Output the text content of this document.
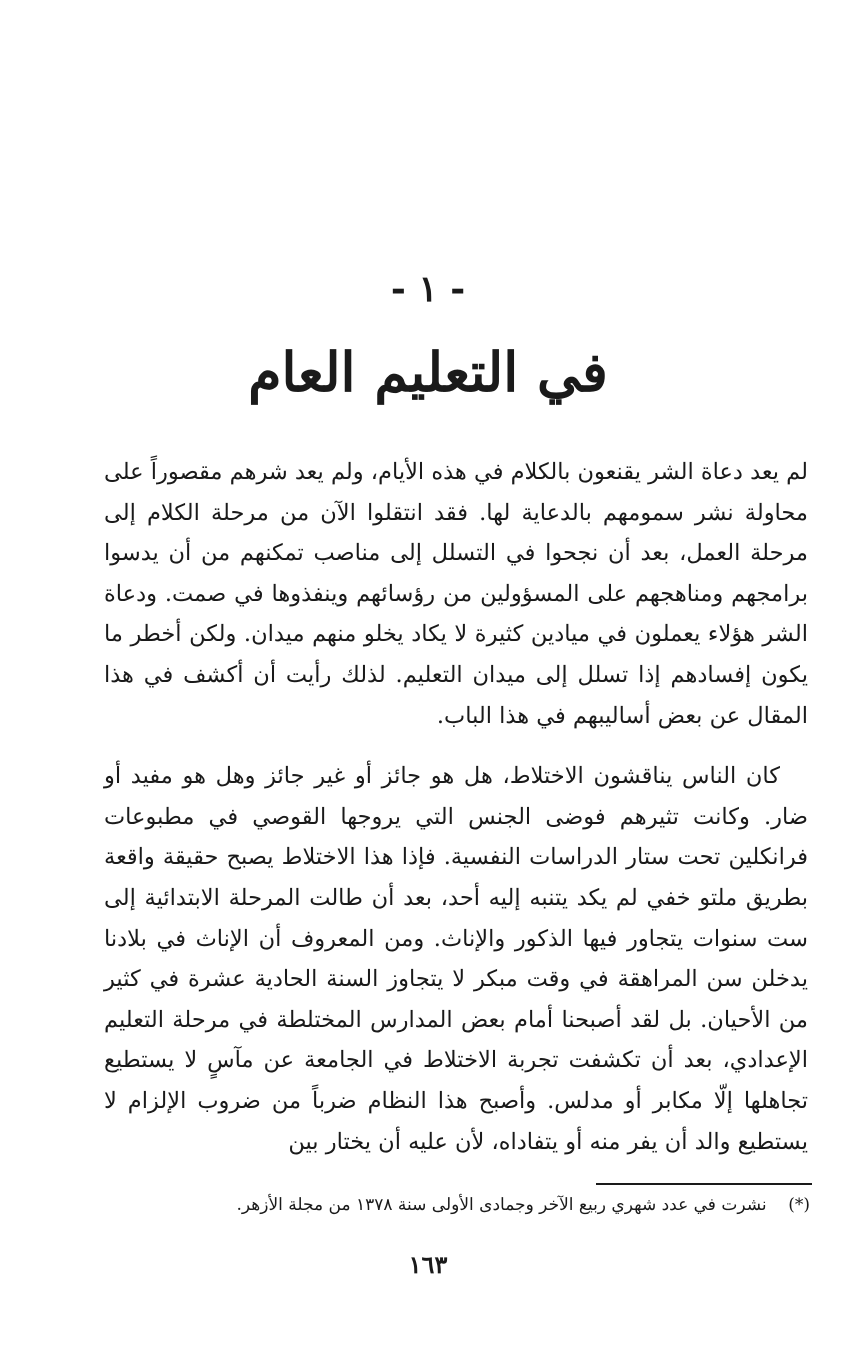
- ١ -
في التعليم العام

لم يعد دعاة الشر يقنعون بالكلام في هذه الأيام، ولم يعد شرهم مقصوراً على محاولة نشر سمومهم بالدعاية لها. فقد انتقلوا الآن من مرحلة الكلام إلى مرحلة العمل، بعد أن نجحوا في التسلل إلى مناصب تمكنهم من أن يدسوا برامجهم ومناهجهم على المسؤولين من رؤسائهم وينفذوها في صمت. ودعاة الشر هؤلاء يعملون في ميادين كثيرة لا يكاد يخلو منهم ميدان. ولكن أخطر ما يكون إفسادهم إذا تسلل إلى ميدان التعليم. لذلك رأيت أن أكشف في هذا المقال عن بعض أساليبهم في هذا الباب.

كان الناس يناقشون الاختلاط، هل هو جائز أو غير جائز وهل هو مفيد أو ضار. وكانت تثيرهم فوضى الجنس التي يروجها القوصي في مطبوعات فرانكلين تحت ستار الدراسات النفسية. فإذا هذا الاختلاط يصبح حقيقة واقعة بطريق ملتو خفي لم يكد يتنبه إليه أحد، بعد أن طالت المرحلة الابتدائية إلى ست سنوات يتجاور فيها الذكور والإناث. ومن المعروف أن الإناث في بلادنا يدخلن سن المراهقة في وقت مبكر لا يتجاوز السنة الحادية عشرة في كثير من الأحيان. بل لقد أصبحنا أمام بعض المدارس المختلطة في مرحلة التعليم الإعدادي، بعد أن تكشفت تجربة الاختلاط في الجامعة عن مآسٍ لا يستطيع تجاهلها إلّا مكابر أو مدلس. وأصبح هذا النظام ضرباً من ضروب الإلزام لا يستطيع والد أن يفر منه أو يتفاداه، لأن عليه أن يختار بين

(*)    نشرت في عدد شهري ربيع الآخر وجمادى الأولى سنة ١٣٧٨ من مجلة الأزهر.
١٦٣
